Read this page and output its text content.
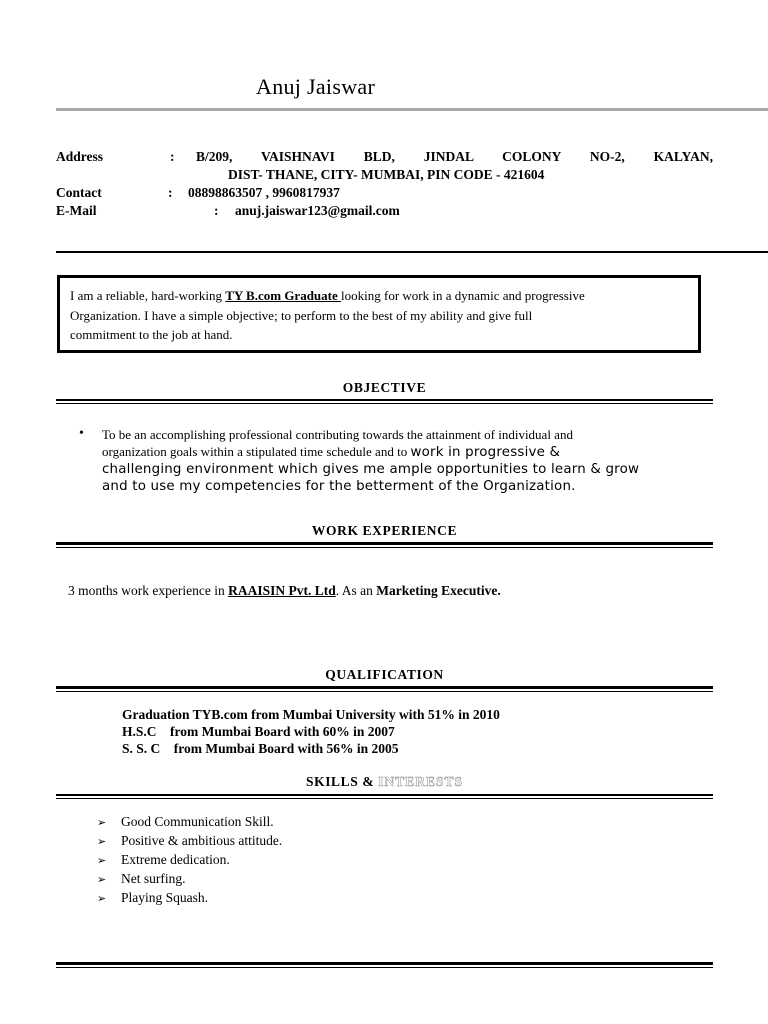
Anuj Jaiswar
Address	: B/209, VAISHNAVI BLD, JINDAL COLONY NO-2, KALYAN,
DIST- THANE, CITY- MUMBAI, PIN CODE - 421604
Contact	: 08898863507 , 9960817937
E-Mail	: anuj.jaiswar123@gmail.com
I am a reliable, hard-working TY B.com Graduate looking for work in a dynamic and progressive
Organization. I have a simple objective; to perform to the best of my ability and give full
commitment to the job at hand.
OBJECTIVE
• To be an accomplishing professional contributing towards the attainment of individual and
organization goals within a stipulated time schedule and to work in progressive &
challenging environment which gives me ample opportunities to learn & grow
and to use my competencies for the betterment of the Organization.
WORK EXPERIENCE
3 months work experience in RAAISIN Pvt. Ltd. As an Marketing Executive.
QUALIFICATION
Graduation TYB.com from Mumbai University with 51% in 2010
H.S.C    from Mumbai Board with 60% in 2007
S. S. C    from Mumbai Board with 56% in 2005
SKILLS & INTERESTS
➢	Good Communication Skill.
➢	Positive & ambitious attitude.
➢	Extreme dedication.
➢	Net surfing.
➢	Playing Squash.
